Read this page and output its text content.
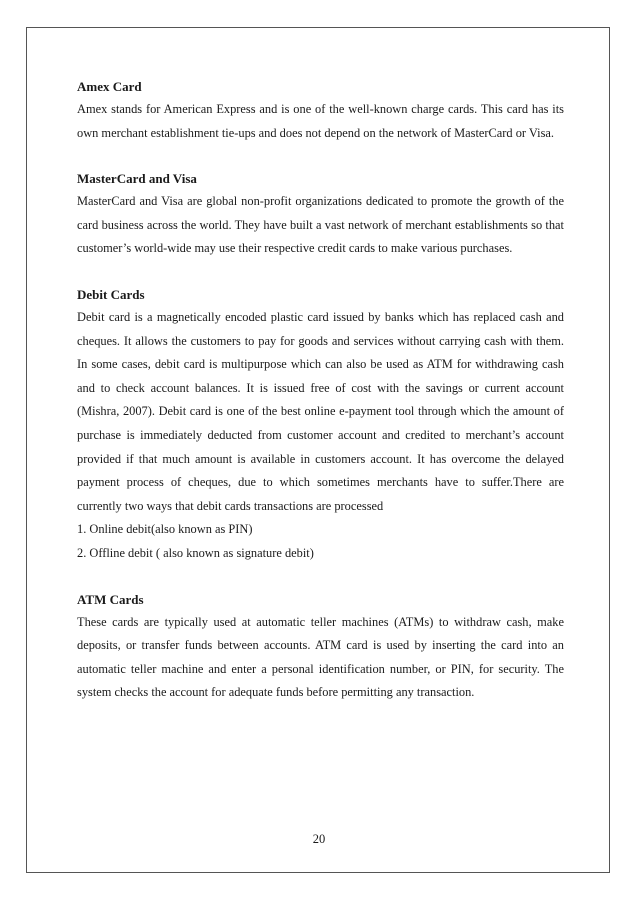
Amex Card

Amex stands for American Express and is one of the well-known charge cards. This card has its own merchant establishment tie-ups and does not depend on the network of MasterCard or Visa.

MasterCard and Visa

MasterCard and Visa are global non-profit organizations dedicated to promote the growth of the card business across the world. They have built a vast network of merchant establishments so that customer’s world-wide may use their respective credit cards to make various purchases.

Debit Cards

Debit card is a magnetically encoded plastic card issued by banks which has replaced cash and cheques. It allows the customers to pay for goods and services without carrying cash with them. In some cases, debit card is multipurpose which can also be used as ATM for withdrawing cash and to check account balances. It is issued free of cost with the savings or current account (Mishra, 2007). Debit card is one of the best online e-payment tool through which the amount of purchase is immediately deducted from customer account and credited to merchant’s account provided if that much amount is available in customers account. It has overcome the delayed payment process of cheques, due to which sometimes merchants have to suffer.There are currently two ways that debit cards transactions are processed

1. Online debit(also known as PIN)

2. Offline debit ( also known as signature debit)

ATM Cards

These cards are typically used at automatic teller machines (ATMs) to withdraw cash, make deposits, or transfer funds between accounts. ATM card is used by inserting the card into an automatic teller machine and enter a personal identification number, or PIN, for security. The system checks the account for adequate funds before permitting any transaction.

20
